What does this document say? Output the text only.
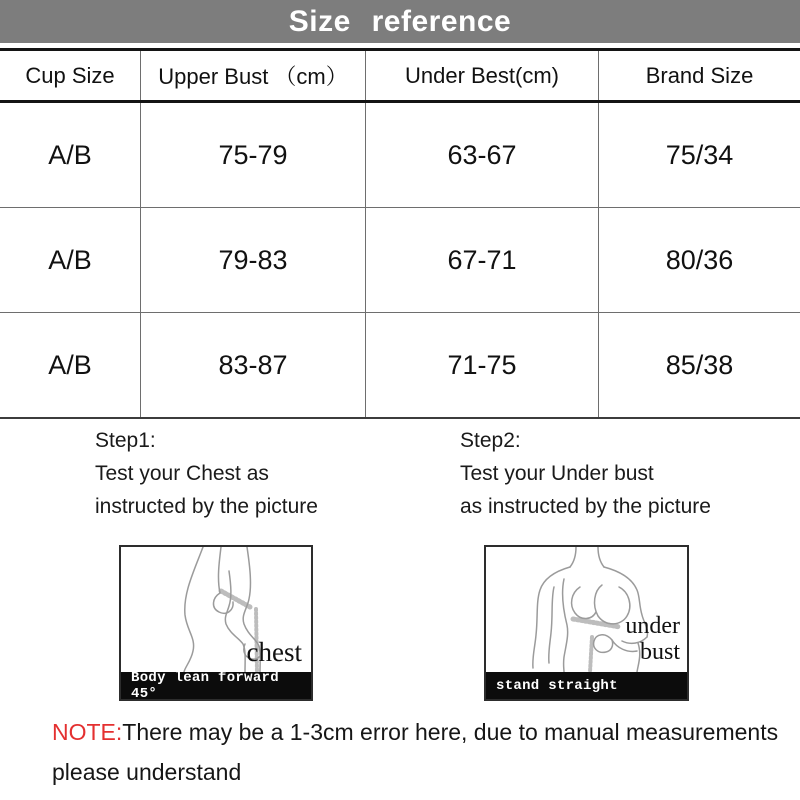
Size reference
Cup Size	Upper Bust （cm）	Under Best(cm)	Brand Size
A/B	75-79	63-67	75/34
A/B	79-83	67-71	80/36
A/B	83-87	71-75	85/38
Step1:
Test your Chest as
instructed by the picture
Step2:
Test your Under bust
as instructed by the picture
chest
Body lean forward 45°
under
bust
stand straight
NOTE:There may be a 1-3cm error here, due to manual measurements
please understand
